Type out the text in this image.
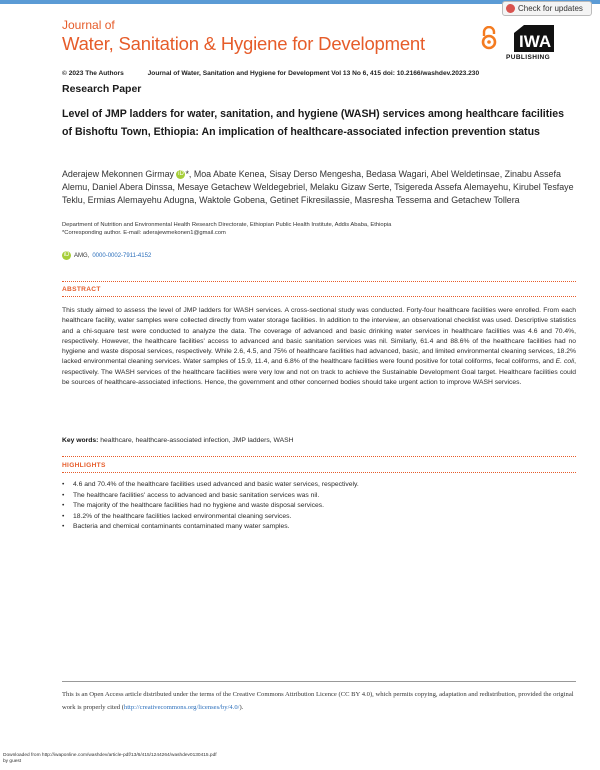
Journal of
Water, Sanitation & Hygiene for Development
Check for updates
IWA
PUBLISHING
© 2023 The Authors	Journal of Water, Sanitation and Hygiene for Development Vol 13 No 6, 415 doi: 10.2166/washdev.2023.230
Research Paper
Level of JMP ladders for water, sanitation, and hygiene (WASH) services among healthcare facilities of Bishoftu Town, Ethiopia: An implication of healthcare-associated infection prevention status
Aderajew Mekonnen Girmay iD *, Moa Abate Kenea, Sisay Derso Mengesha, Bedasa Wagari, Abel Weldetinsae, Zinabu Assefa Alemu, Daniel Abera Dinssa, Mesaye Getachew Weldegebriel, Melaku Gizaw Serte, Tsigereda Assefa Alemayehu, Kirubel Tesfaye Teklu, Ermias Alemayehu Adugna, Waktole Gobena, Getinet Fikresilassie, Masresha Tessema and Getachew Tollera
Department of Nutrition and Environmental Health Research Directorate, Ethiopian Public Health Institute, Addis Ababa, Ethiopia
*Corresponding author. E-mail: aderajewmekonen1@gmail.com
iD AMG, 0000-0002-7911-4152
ABSTRACT

This study aimed to assess the level of JMP ladders for WASH services. A cross-sectional study was conducted. Forty-four healthcare facilities were enrolled. From each healthcare facility, water samples were collected directly from water storage facilities. In addition to the interview, an observational checklist was used. Descriptive statistics and a chi-square test were conducted to analyze the data. The coverage of advanced and basic drinking water services in healthcare facilities was 4.6 and 70.4%, respectively. However, the healthcare facilities' access to advanced and basic sanitation services was nil. Similarly, 61.4 and 88.6% of the healthcare facilities had no hygiene and waste disposal services, respectively. While 2.6, 4.5, and 75% of healthcare facilities had advanced, basic, and limited environmental cleaning services, 18.2% lacked environmental cleaning services. Water samples of 15.9, 11.4, and 6.8% of the healthcare facilities were found positive for total coliforms, fecal coliforms, and E. coli, respectively. The WASH services of the healthcare facilities were very low and not on track to achieve the Sustainable Development Goal target. Healthcare facilities could be sources of healthcare-associated infections. Hence, the government and other concerned bodies should take urgent action to improve WASH services.

Key words: healthcare, healthcare-associated infection, JMP ladders, WASH
HIGHLIGHTS
• 4.6 and 70.4% of the healthcare facilities used advanced and basic water services, respectively.
• The healthcare facilities' access to advanced and basic sanitation services was nil.
• The majority of the healthcare facilities had no hygiene and waste disposal services.
• 18.2% of the healthcare facilities lacked environmental cleaning services.
• Bacteria and chemical contaminants contaminated many water samples.

This is an Open Access article distributed under the terms of the Creative Commons Attribution Licence (CC BY 4.0), which permits copying, adaptation and redistribution, provided the original work is properly cited (http://creativecommons.org/licenses/by/4.0/).

Downloaded from http://iwaponline.com/washdev/article-pdf/13/6/415/1244264/washdev0130415.pdf
by guest
